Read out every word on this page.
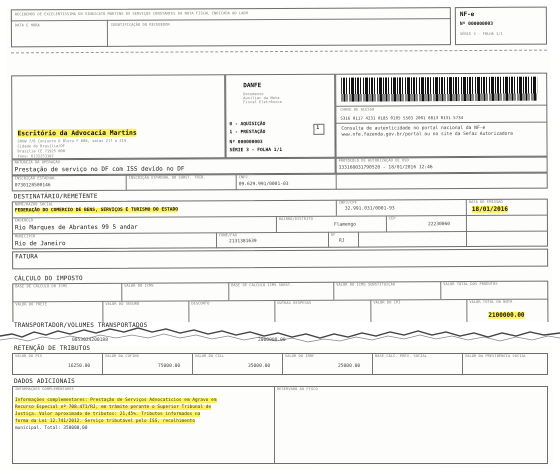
RECEBEMOS DE EXCELENTISSIMA DO SINDICATO MARTINS OS SERVIÇOS CONSTANTES DA NOTA FISCAL INDICADA AO LADO
DATA E HORA	IDENTIFICAÇÃO DO RECEBEDOR
NF-e
Nº 000000003
SÉRIE 3 - FOLHA 1/1
Escritório da Advocacia Martins
SHVW 7/6 Conjunto D Bloco F 608, salas 217 a 219
Cidade de Brasília/DF
Brasília CE 71925 000
Fone: 6132253107
DANFE
Documento Auxiliar da Nota Fiscal Eletrônica
0 - AQUISIÇÃO
1 - PRESTAÇÃO
1
Nº 000000003
SÉRIE 3 - FOLHA 1/1
CHAVE DE ACESSO
5316 0117 4231 0185 0105 5503 2001 0813 0131 5734
Consulta de autenticidade no portal nacional da NF-e www.nfe.fazenda.gov.br/portal ou no site da Sefaz Autorizadora
NATUREZA DA OPERAÇÃO
Prestação de serviço no DF com ISS devido no DF
PROTOCOLO DE AUTORIZAÇÃO DE USO
333160031790520 - 18/01/2016 12:46
INSCRIÇÃO ESTADUAL
0730128500146
INSCRIÇÃO ESTADUAL DO SUBST. TRIB.	CNPJ
09.629.991/0001-03
DESTINATÁRIO/REMETENTE
NOME/RAZÃO SOCIAL
FEDERAÇÃO DO COMERCIO DE BENS, SERVIÇOS E TURISMO DO ESTADO
CNPJ/CPF
32.991.031/0001-93
DATA DE EMISSÃO
18/01/2016
ENDEREÇO
Rio Marques de Abrantes 99 5 andar
BAIRRO/DISTRITO
Flamengo
CEP
22230060
MUNICÍPIO
Rio de Janeiro
FONE/FAX
2131381639
UF
RJ
FATURA
CÁLCULO DO IMPOSTO
BASE DE CÁLCULO DO ICMS	VALOR DO ICMS	BASE DE CÁLCULO ICMS SUBST.	VALOR DO ICMS SUBSTITUIÇÃO	VALOR TOTAL DOS PRODUTOS
VALOR DO FRETE	VALOR DO SEGURO	DESCONTO	OUTRAS DESPESAS	VALOR DO IPI	VALOR TOTAL DA NOTA
2100000.00
TRANSPORTADOR/VOLUMES TRANSPORTADOS
0053024200188	2000000.00
RETENÇÃO DE TRIBUTOS
VALOR DO PIS	VALOR DA COFINS	VALOR DO CSLL	VALOR DO IRRF	BASE CÁLC. PREV. SOCIAL	VALOR DA PREVIDÊNCIA SOCIAL
16250.00	75000.00	35000.00	25000.00
DADOS ADICIONAIS
INFORMAÇÕES COMPLEMENTARES	RESERVADO AO FISCO
Informações complementares: Prestação de Serviços Advocatícios em Agravo em
Recurso Especial nº 708.471/RJ, em trâmite perante o Superior Tribunal de
Justiça. Valor aproximado de tributos: 21,45%. Tributos informados na
forma da Lei 12.741/2012. Serviço tributável pelo ISS, recolhimento
municipal. Total: 350000,00
